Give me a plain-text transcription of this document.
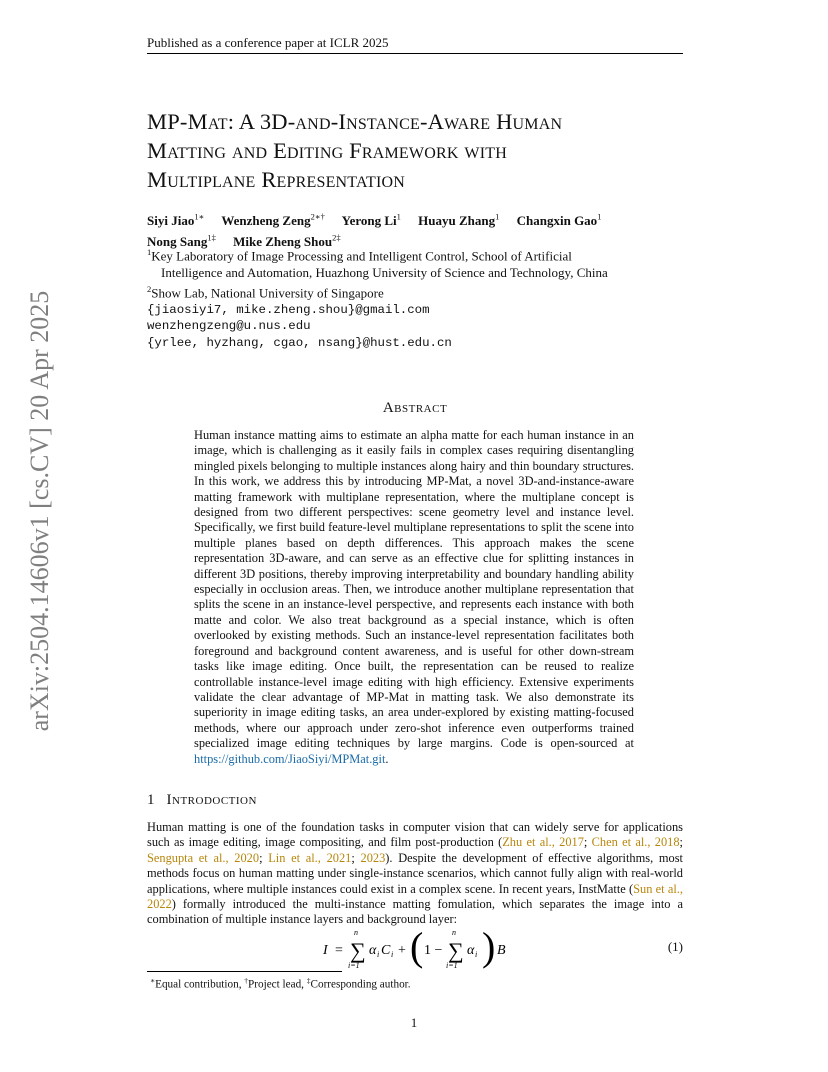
Published as a conference paper at ICLR 2025
arXiv:2504.14606v1 [cs.CV] 20 Apr 2025
MP-Mat: A 3D-and-Instance-Aware Human
Matting and Editing Framework with
Multiplane Representation
Siyi Jiao$^{1∗}$ Wenzheng Zeng$^{2∗\dagger}$ Yerong Li$^1$ Huayu Zhang$^1$ Changxin Gao$^1$
Nong Sang$^{1\ddagger}$ Mike Zheng Shou$^{2\ddagger}$
$^1$Key Laboratory of Image Processing and Intelligent Control, School of Artificial
Intelligence and Automation, Huazhong University of Science and Technology, China
$^2$Show Lab, National University of Singapore
{jiaosiyi7, mike.zheng.shou}@gmail.com
wenzhengzeng@u.nus.edu
{yrlee, hyzhang, cgao, nsang}@hust.edu.cn
Abstract
Human instance matting aims to estimate an alpha matte for each human instance in an image, which is challenging as it easily fails in complex cases requiring disentangling mingled pixels belonging to multiple instances along hairy and thin boundary structures. In this work, we address this by introducing MP-Mat, a novel 3D-and-instance-aware matting framework with multiplane representation, where the multiplane concept is designed from two different perspectives: scene geometry level and instance level. Specifically, we first build feature-level multiplane representations to split the scene into multiple planes based on depth differences. This approach makes the scene representation 3D-aware, and can serve as an effective clue for splitting instances in different 3D positions, thereby improving interpretability and boundary handling ability especially in occlusion areas. Then, we introduce another multiplane representation that splits the scene in an instance-level perspective, and represents each instance with both matte and color. We also treat background as a special instance, which is often overlooked by existing methods. Such an instance-level representation facilitates both foreground and background content awareness, and is useful for other down-stream tasks like image editing. Once built, the representation can be reused to realize controllable instance-level image editing with high efficiency. Extensive experiments validate the clear advantage of MP-Mat in matting task. We also demonstrate its superiority in image editing tasks, an area under-explored by existing matting-focused methods, where our approach under zero-shot inference even outperforms trained specialized image editing techniques by large margins. Code is open-sourced at https://github.com/JiaoSiyi/MPMat.git.
1 Introdoction
Human matting is one of the foundation tasks in computer vision that can widely serve for applications such as image editing, image compositing, and film post-production (Zhu et al., 2017; Chen et al., 2018; Sengupta et al., 2020; Lin et al., 2021; 2023). Despite the development of effective algorithms, most methods focus on human matting under single-instance scenarios, which cannot fully align with real-world applications, where multiple instances could exist in a complex scene. In recent years, InstMatte (Sun et al., 2022) formally introduced the multi-instance matting fomulation, which separates the image into a combination of multiple instance layers and background layer:
I =
n
∑
i=1
α i C i + ( 1 −
n
∑
i=1
α i ) B	(1)
∗Equal contribution, †Project lead, ‡Corresponding author.
1
